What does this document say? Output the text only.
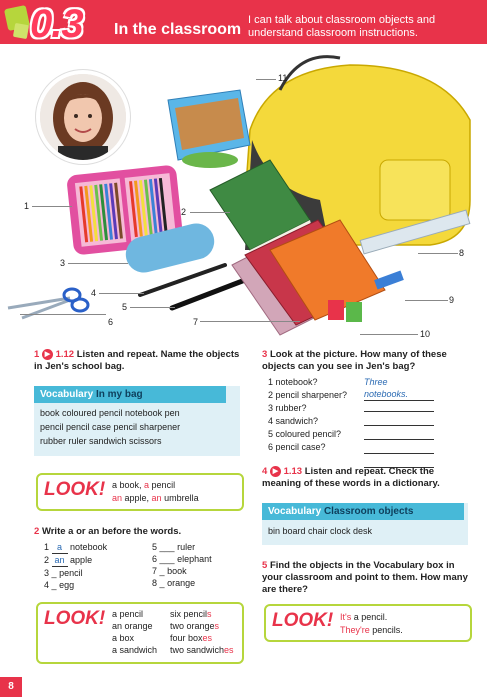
0.3 In the classroom
I can talk about classroom objects and understand classroom instructions.
11
1
2
3
4
5
6	7
8
9
10
1 ▶ 1.12 Listen and repeat. Name the objects in Jen's school bag.
Vocabulary In my bag
book coloured pencil notebook pen
pencil pencil case pencil sharpener
rubber ruler sandwich scissors
LOOK! a book, a pencil
an apple, an umbrella
2 Write a or an before the words.
1 a notebook
2 an apple
3 _ pencil
4 _ egg
5 ___ ruler
6 ___ elephant
7 _ book
8 _ orange
LOOK! a pencil
an orange
a box
a sandwich
six pencils
two oranges
four boxes
two sandwiches
3 Look at the picture. How many of these objects can you see in Jen's bag?
1 notebook?
2 pencil sharpener?
3 rubber?
4 sandwich?
5 coloured pencil?
6 pencil case?
Three notebooks.
4 ▶ 1.13 Listen and repeat. Check the meaning of these words in a dictionary.
Vocabulary Classroom objects
bin board chair clock desk
5 Find the objects in the Vocabulary box in your classroom and point to them. How many are there?
LOOK! It's a pencil.
They're pencils.
8
